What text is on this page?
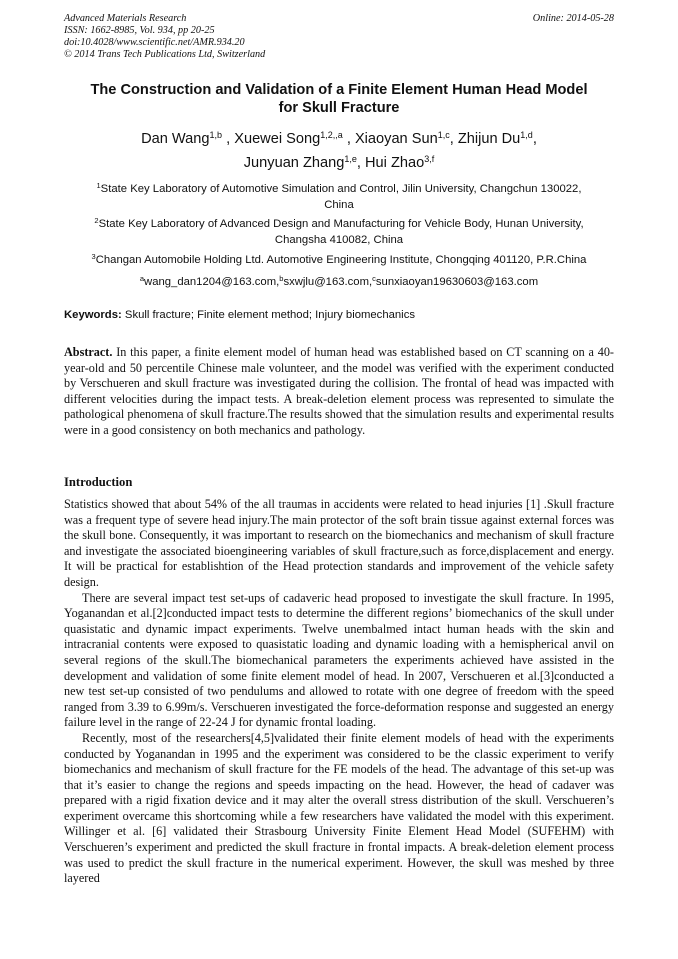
Advanced Materials Research
ISSN: 1662-8985, Vol. 934, pp 20-25
doi:10.4028/www.scientific.net/AMR.934.20
© 2014 Trans Tech Publications Ltd, Switzerland
Online: 2014-05-28
The Construction and Validation of a Finite Element Human Head Model
for Skull Fracture
Dan Wang$^{1,b}$ , Xuewei Song$^{1,2,,a}$ , Xiaoyan Sun$^{1,c}$, Zhijun Du$^{1,d}$,
Junyuan Zhang$^{1,e}$, Hui Zhao$^{3,f}$
$^1$State Key Laboratory of Automotive Simulation and Control, Jilin University, Changchun 130022,
China
$^2$State Key Laboratory of Advanced Design and Manufacturing for Vehicle Body, Hunan University,
Changsha 410082, China
$^3$Changan Automobile Holding Ltd. Automotive Engineering Institute, Chongqing 401120, P.R.China
$^a$wang_dan1204@163.com,$^b$sxwjlu@163.com,$^c$sunxiaoyan19630603@163.com
Keywords: Skull fracture; Finite element method; Injury biomechanics

Abstract. In this paper, a finite element model of human head was established based on CT scanning on a 40-year-old and 50 percentile Chinese male volunteer, and the model was verified with the experiment conducted by Verschueren and skull fracture was investigated during the collision. The frontal of head was impacted with different velocities during the impact tests. A break-deletion element process was represented to simulate the pathological phenomena of skull fracture.The results showed that the simulation results and experimental results were in a good consistency on both mechanics and pathology.

Introduction

Statistics showed that about 54% of the all traumas in accidents were related to head injuries [1] .Skull fracture was a frequent type of severe head injury.The main protector of the soft brain tissue against external forces was the skull bone. Consequently, it was important to research on the biomechanics and mechanism of skull fracture and investigate the associated bioengineering variables of skull fracture,such as force,displacement and energy. It will be practical for establishtion of the Head protection standards and improvement of the vehicle safety design.

There are several impact test set-ups of cadaveric head proposed to investigate the skull fracture. In 1995, Yoganandan et al.[2]conducted impact tests to determine the different regions’ biomechanics of the skull under quasistatic and dynamic impact experiments. Twelve unembalmed intact human heads with the skin and intracranial contents were exposed to quasistatic loading and dynamic loading with a hemispherical anvil on several regions of the skull.The biomechanical parameters the experiments achieved have assisted in the development and validation of some finite element model of head. In 2007, Verschueren et al.[3]conducted a new test set-up consisted of two pendulums and allowed to rotate with one degree of freedom with the speed ranged from 3.39 to 6.99m/s. Verschueren investigated the force-deformation response and suggested an energy failure level in the range of 22-24 J for dynamic frontal loading.

Recently, most of the researchers[4,5]validated their finite element models of head with the experiments conducted by Yoganandan in 1995 and the experiment was considered to be the classic experiment to verify biomechanics and mechanism of skull fracture for the FE models of the head. The advantage of this set-up was that it’s easier to change the regions and speeds impacting on the head. However, the head of cadaver was prepared with a rigid fixation device and it may alter the overall stress distribution of the skull. Verschueren’s experiment overcame this shortcoming while a few researchers have validated the model with this experiment. Willinger et al. [6] validated their Strasbourg University Finite Element Head Model (SUFEHM) with Verschueren’s experiment and predicted the skull fracture in frontal impacts. A break-deletion element process was used to predict the skull fracture in the numerical experiment. However, the skull was meshed by three layered
